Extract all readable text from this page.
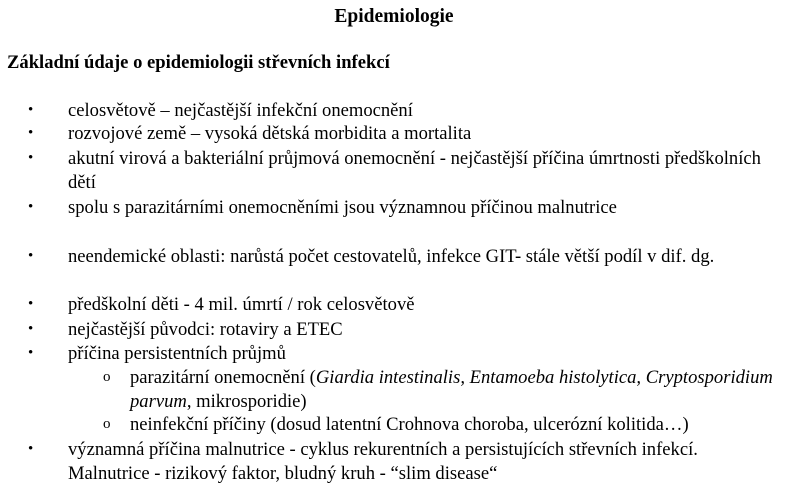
Epidemiologie
Základní údaje o epidemiologii střevních infekcí
• celosvětově – nejčastější infekční onemocnění
• rozvojové země – vysoká dětská morbidita a mortalita
• akutní virová a bakteriální průjmová onemocnění - nejčastější příčina úmrtnosti předškolních dětí
• spolu s parazitárními onemocněními jsou významnou příčinou malnutrice
• neendemické oblasti: narůstá počet cestovatelů, infekce GIT- stále větší podíl v dif. dg.
• předškolní děti - 4 mil. úmrtí / rok celosvětově
• nejčastější původci: rotaviry a ETEC
• příčina persistentních průjmů
o parazitární onemocnění (Giardia intestinalis, Entamoeba histolytica, Cryptosporidium parvum, mikrosporidie)
o neinfekční příčiny (dosud latentní Crohnova choroba, ulcerózní kolitida…)
• významná příčina malnutrice - cyklus rekurentních a persistujících střevních infekcí. Malnutrice - rizikový faktor, bludný kruh - “slim disease“
